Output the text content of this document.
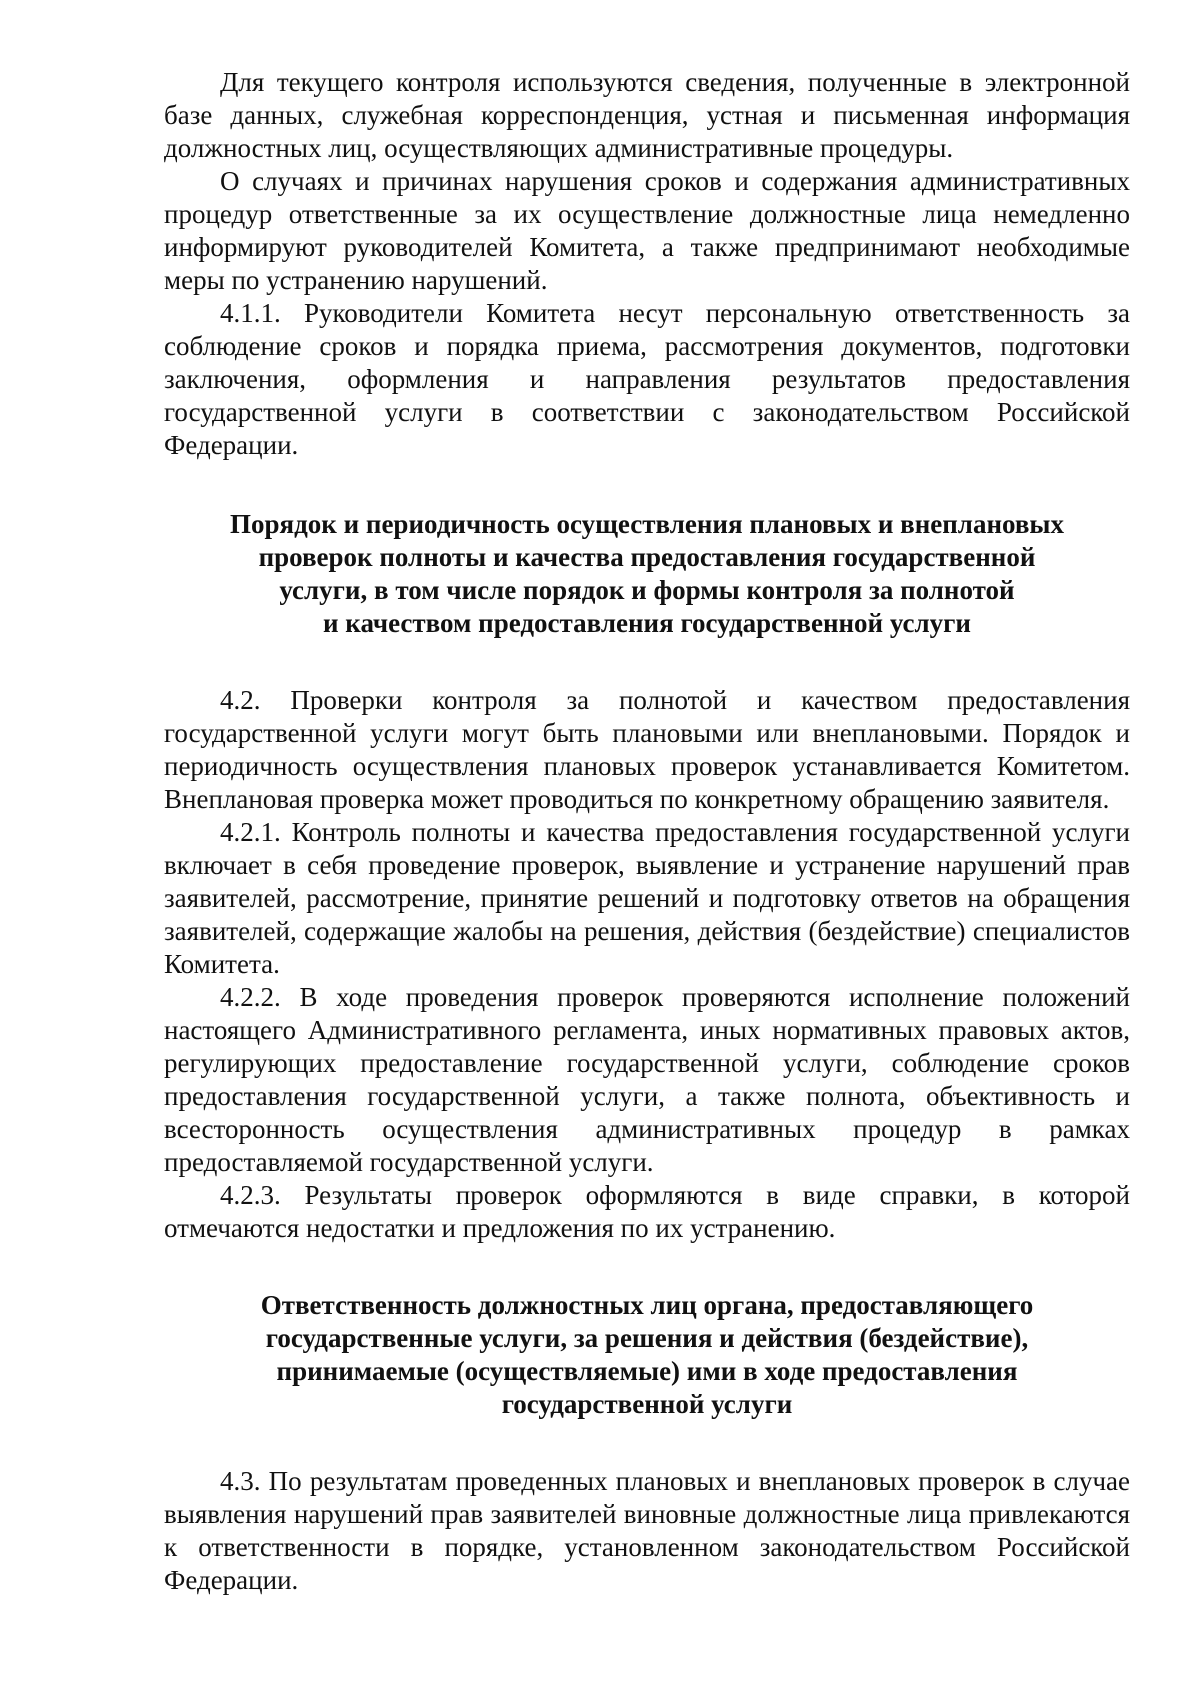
Для текущего контроля используются сведения, полученные в электронной базе данных, служебная корреспонденция, устная и письменная информация должностных лиц, осуществляющих административные процедуры.

О случаях и причинах нарушения сроков и содержания административных процедур ответственные за их осуществление должностные лица немедленно информируют руководителей Комитета, а также предпринимают необходимые меры по устранению нарушений.

4.1.1. Руководители Комитета несут персональную ответственность за соблюдение сроков и порядка приема, рассмотрения документов, подготовки заключения, оформления и направления результатов предоставления государственной услуги в соответствии с законодательством Российской Федерации.

Порядок и периодичность осуществления плановых и внеплановых
проверок полноты и качества предоставления государственной
услуги, в том числе порядок и формы контроля за полнотой
и качеством предоставления государственной услуги

4.2. Проверки контроля за полнотой и качеством предоставления государственной услуги могут быть плановыми или внеплановыми. Порядок и периодичность осуществления плановых проверок устанавливается Комитетом. Внеплановая проверка может проводиться по конкретному обращению заявителя.

4.2.1. Контроль полноты и качества предоставления государственной услуги включает в себя проведение проверок, выявление и устранение нарушений прав заявителей, рассмотрение, принятие решений и подготовку ответов на обращения заявителей, содержащие жалобы на решения, действия (бездействие) специалистов Комитета.

4.2.2. В ходе проведения проверок проверяются исполнение положений настоящего Административного регламента, иных нормативных правовых актов, регулирующих предоставление государственной услуги, соблюдение сроков предоставления государственной услуги, а также полнота, объективность и всесторонность осуществления административных процедур в рамках предоставляемой государственной услуги.

4.2.3. Результаты проверок оформляются в виде справки, в которой отмечаются недостатки и предложения по их устранению.

Ответственность должностных лиц органа, предоставляющего
государственные услуги, за решения и действия (бездействие),
принимаемые (осуществляемые) ими в ходе предоставления
государственной услуги

4.3. По результатам проведенных плановых и внеплановых проверок в случае выявления нарушений прав заявителей виновные должностные лица привлекаются к ответственности в порядке, установленном законодательством Российской Федерации.
